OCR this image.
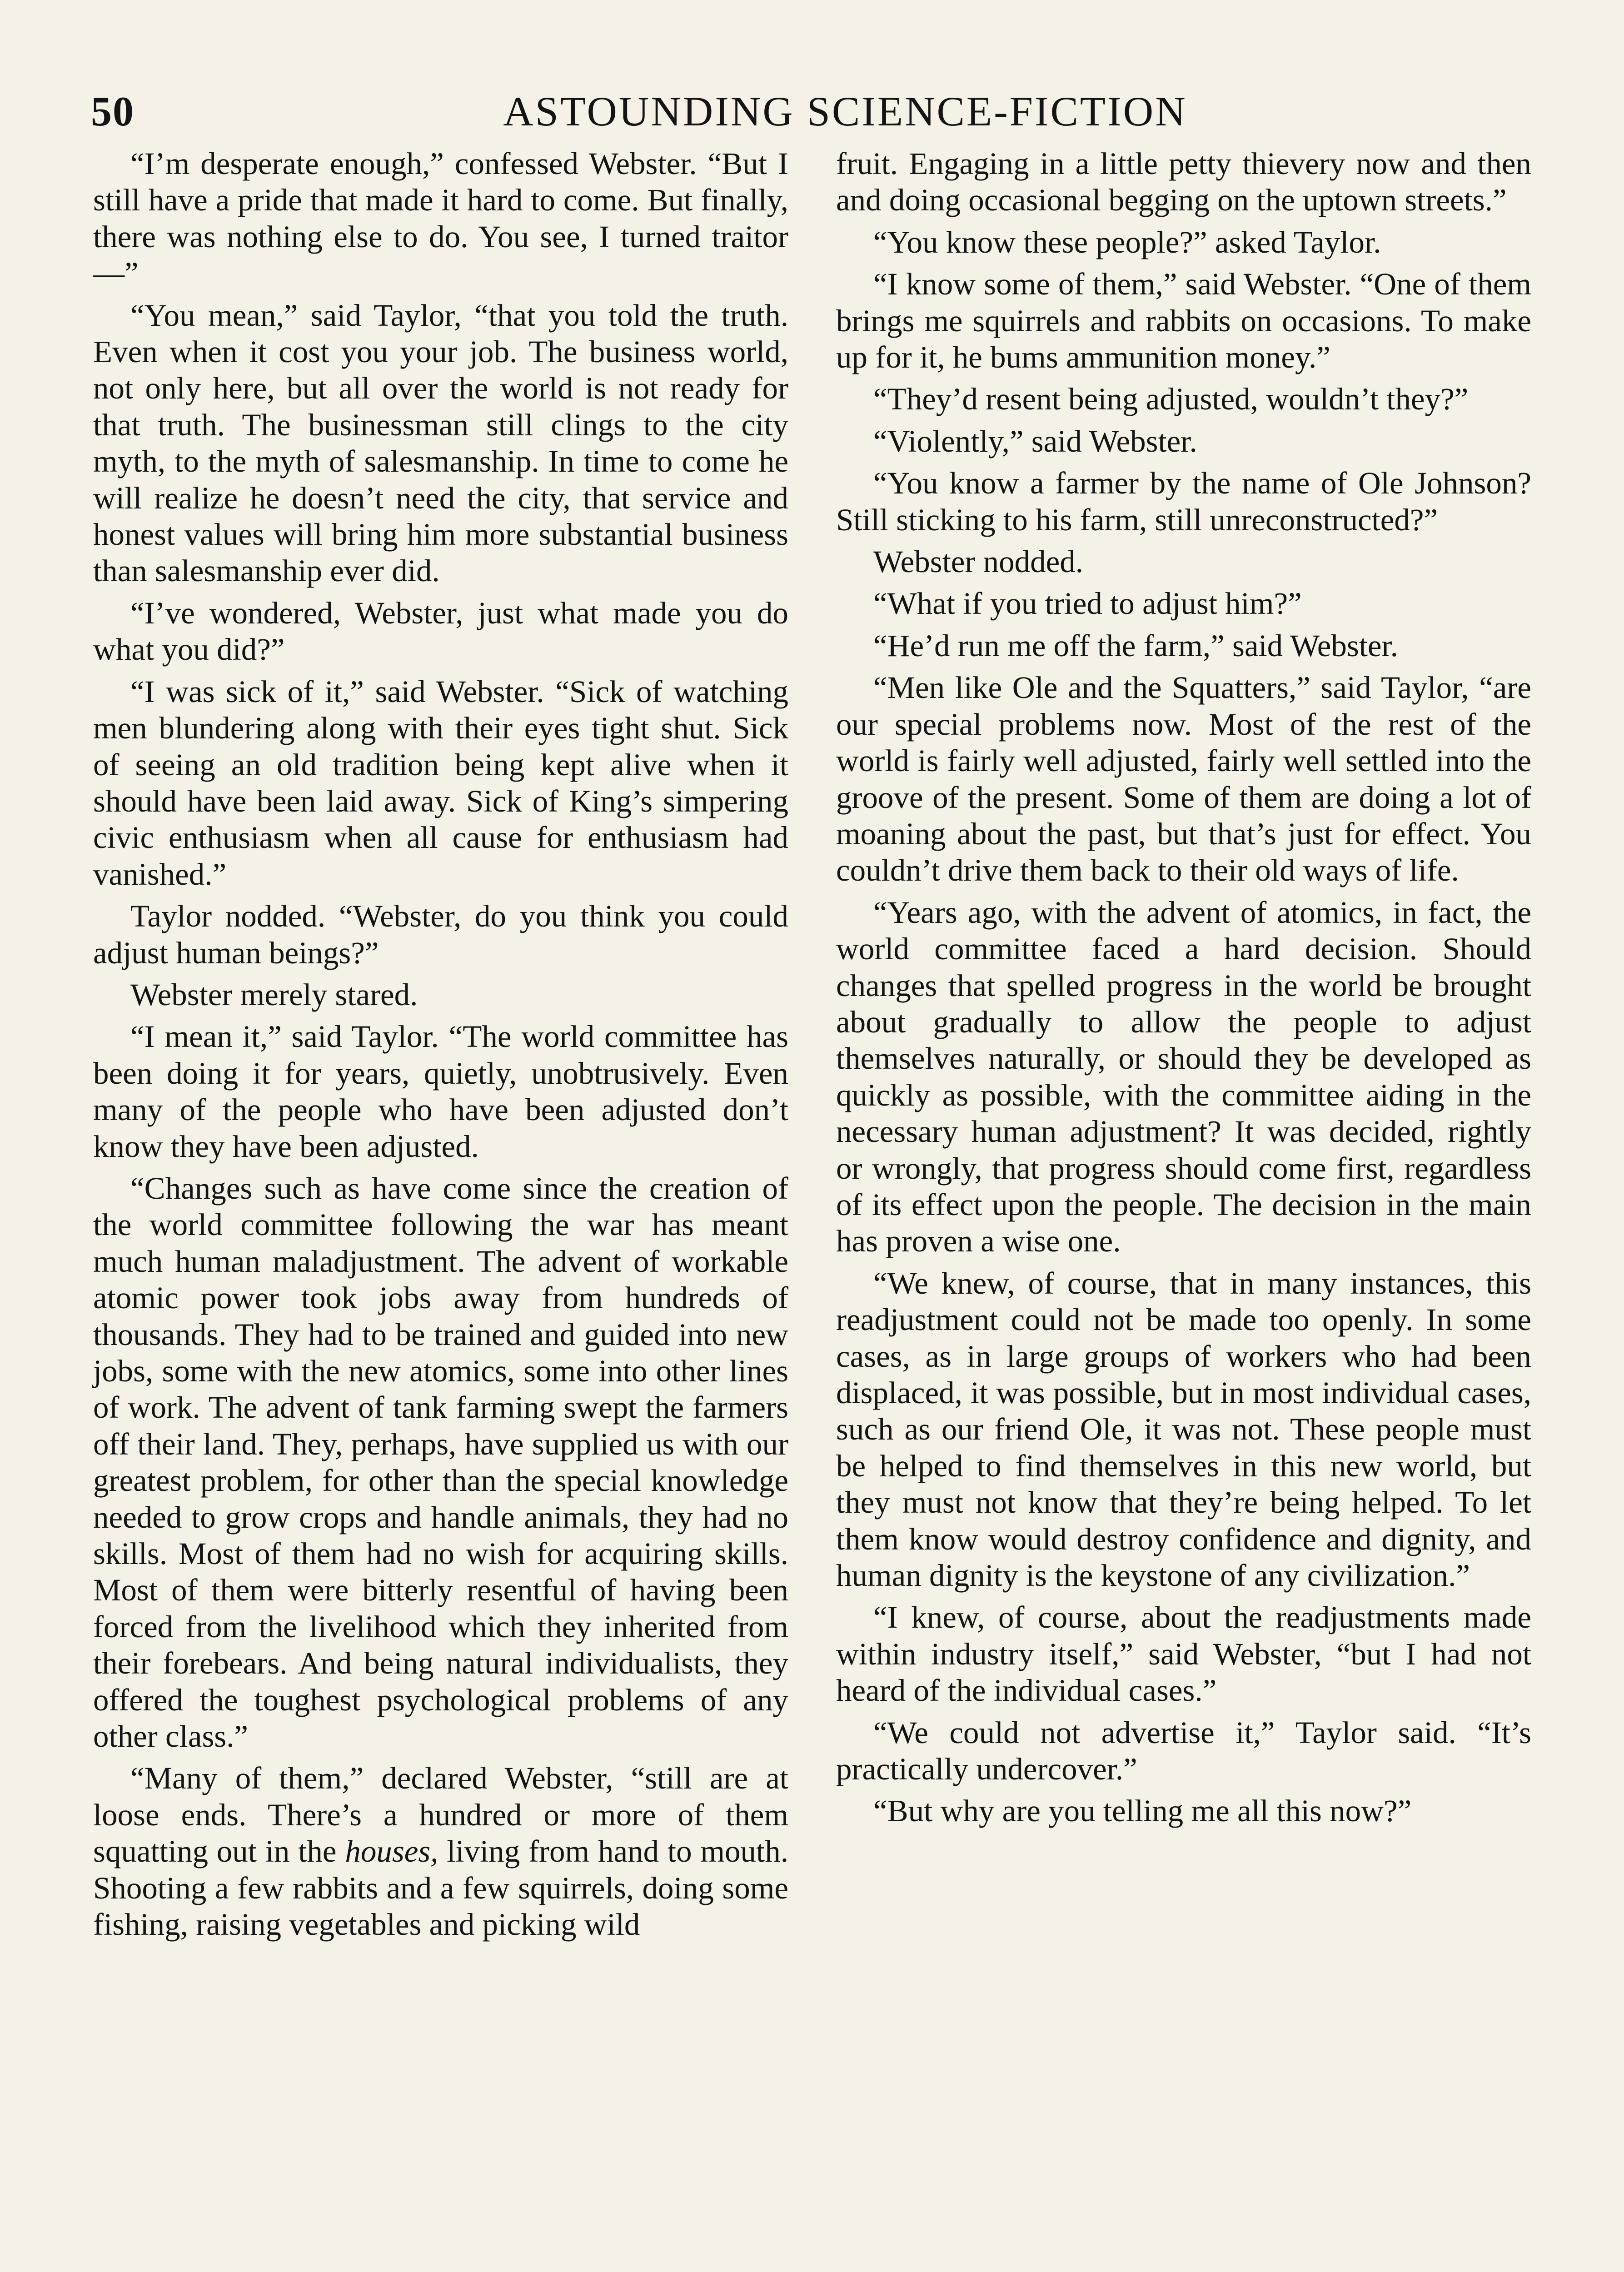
50	ASTOUNDING SCIENCE-FICTION

“I’m desperate enough,” confessed Webster. “But I still have a pride that made it hard to come. But finally, there was nothing else to do. You see, I turned traitor—”

“You mean,” said Taylor, “that you told the truth. Even when it cost you your job. The business world, not only here, but all over the world is not ready for that truth. The businessman still clings to the city myth, to the myth of salesmanship. In time to come he will realize he doesn’t need the city, that service and honest values will bring him more substantial business than salesmanship ever did.

“I’ve wondered, Webster, just what made you do what you did?”

“I was sick of it,” said Webster. “Sick of watching men blundering along with their eyes tight shut. Sick of seeing an old tradition being kept alive when it should have been laid away. Sick of King’s simpering civic enthusiasm when all cause for enthusiasm had vanished.”

Taylor nodded. “Webster, do you think you could adjust human beings?”

Webster merely stared.

“I mean it,” said Taylor. “The world committee has been doing it for years, quietly, unobtrusively. Even many of the people who have been adjusted don’t know they have been adjusted.

“Changes such as have come since the creation of the world committee following the war has meant much human maladjustment. The advent of workable atomic power took jobs away from hundreds of thousands. They had to be trained and guided into new jobs, some with the new atomics, some into other lines of work. The advent of tank farming swept the farmers off their land. They, perhaps, have supplied us with our greatest problem, for other than the special knowledge needed to grow crops and handle animals, they had no skills. Most of them had no wish for acquiring skills. Most of them were bitterly resentful of having been forced from the livelihood which they inherited from their forebears. And being natural individualists, they offered the toughest psychological problems of any other class.”

“Many of them,” declared Webster, “still are at loose ends. There’s a hundred or more of them squatting out in the houses, living from hand to mouth. Shooting a few rabbits and a few squirrels, doing some fishing, raising vegetables and picking wild

fruit. Engaging in a little petty thievery now and then and doing occasional begging on the uptown streets.”

“You know these people?” asked Taylor.

“I know some of them,” said Webster. “One of them brings me squirrels and rabbits on occasions. To make up for it, he bums ammunition money.”

“They’d resent being adjusted, wouldn’t they?”

“Violently,” said Webster.

“You know a farmer by the name of Ole Johnson? Still sticking to his farm, still unreconstructed?”

Webster nodded.

“What if you tried to adjust him?”

“He’d run me off the farm,” said Webster.

“Men like Ole and the Squatters,” said Taylor, “are our special problems now. Most of the rest of the world is fairly well adjusted, fairly well settled into the groove of the present. Some of them are doing a lot of moaning about the past, but that’s just for effect. You couldn’t drive them back to their old ways of life.

“Years ago, with the advent of atomics, in fact, the world committee faced a hard decision. Should changes that spelled progress in the world be brought about gradually to allow the people to adjust themselves naturally, or should they be developed as quickly as possible, with the committee aiding in the necessary human adjustment? It was decided, rightly or wrongly, that progress should come first, regardless of its effect upon the people. The decision in the main has proven a wise one.

“We knew, of course, that in many instances, this readjustment could not be made too openly. In some cases, as in large groups of workers who had been displaced, it was possible, but in most individual cases, such as our friend Ole, it was not. These people must be helped to find themselves in this new world, but they must not know that they’re being helped. To let them know would destroy confidence and dignity, and human dignity is the keystone of any civilization.”

“I knew, of course, about the readjustments made within industry itself,” said Webster, “but I had not heard of the individual cases.”

“We could not advertise it,” Taylor said. “It’s practically undercover.”

“But why are you telling me all this now?”
